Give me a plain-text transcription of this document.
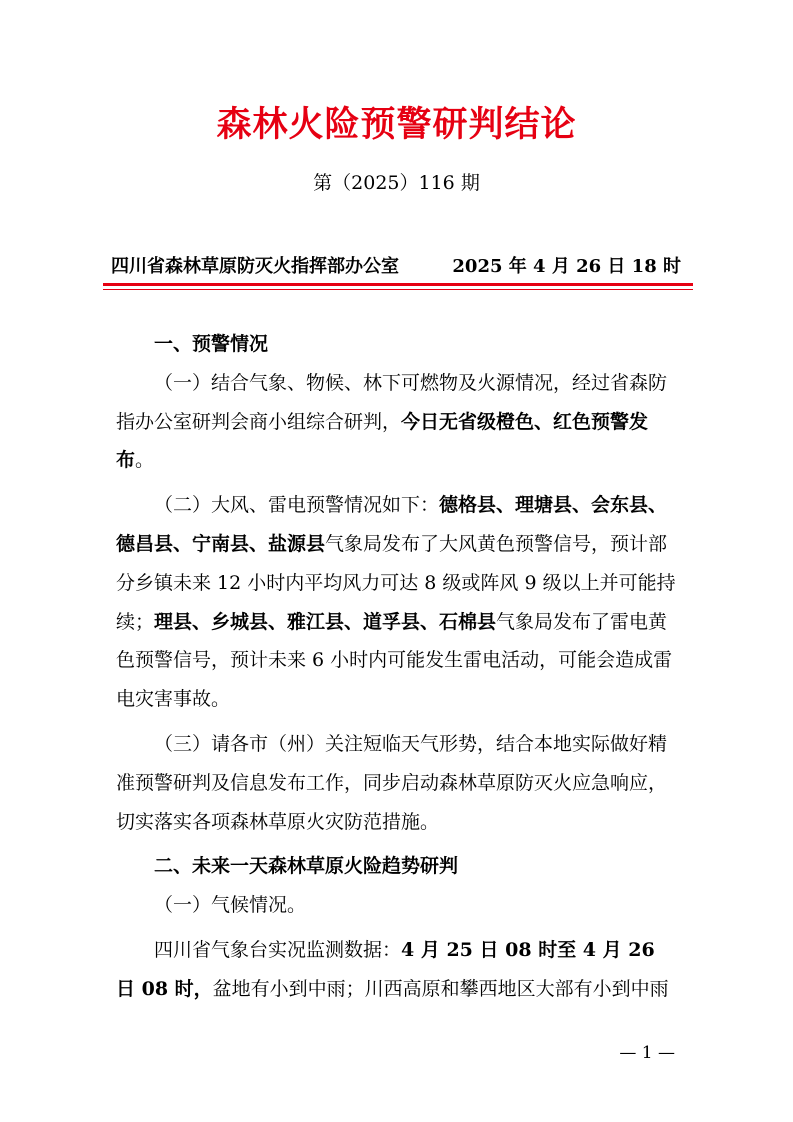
森林火险预警研判结论
第（2025）116 期
四川省森林草原防灭火指挥部办公室	2025 年 4 月 26 日 18 时

一、预警情况

（一）结合气象、物候、林下可燃物及火源情况，经过省森防指办公室研判会商小组综合研判，今日无省级橙色、红色预警发布。

（二）大风、雷电预警情况如下：德格县、理塘县、会东县、德昌县、宁南县、盐源县气象局发布了大风黄色预警信号，预计部分乡镇未来 12 小时内平均风力可达 8 级或阵风 9 级以上并可能持续；理县、乡城县、雅江县、道孚县、石棉县气象局发布了雷电黄色预警信号，预计未来 6 小时内可能发生雷电活动，可能会造成雷电灾害事故。

（三）请各市（州）关注短临天气形势，结合本地实际做好精准预警研判及信息发布工作，同步启动森林草原防灭火应急响应，切实落实各项森林草原火灾防范措施。

二、未来一天森林草原火险趋势研判

（一）气候情况。

四川省气象台实况监测数据：4 月 25 日 08 时至 4 月 26 日 08 时，盆地有小到中雨；川西高原和攀西地区大部有小到中雨

— 1 —
